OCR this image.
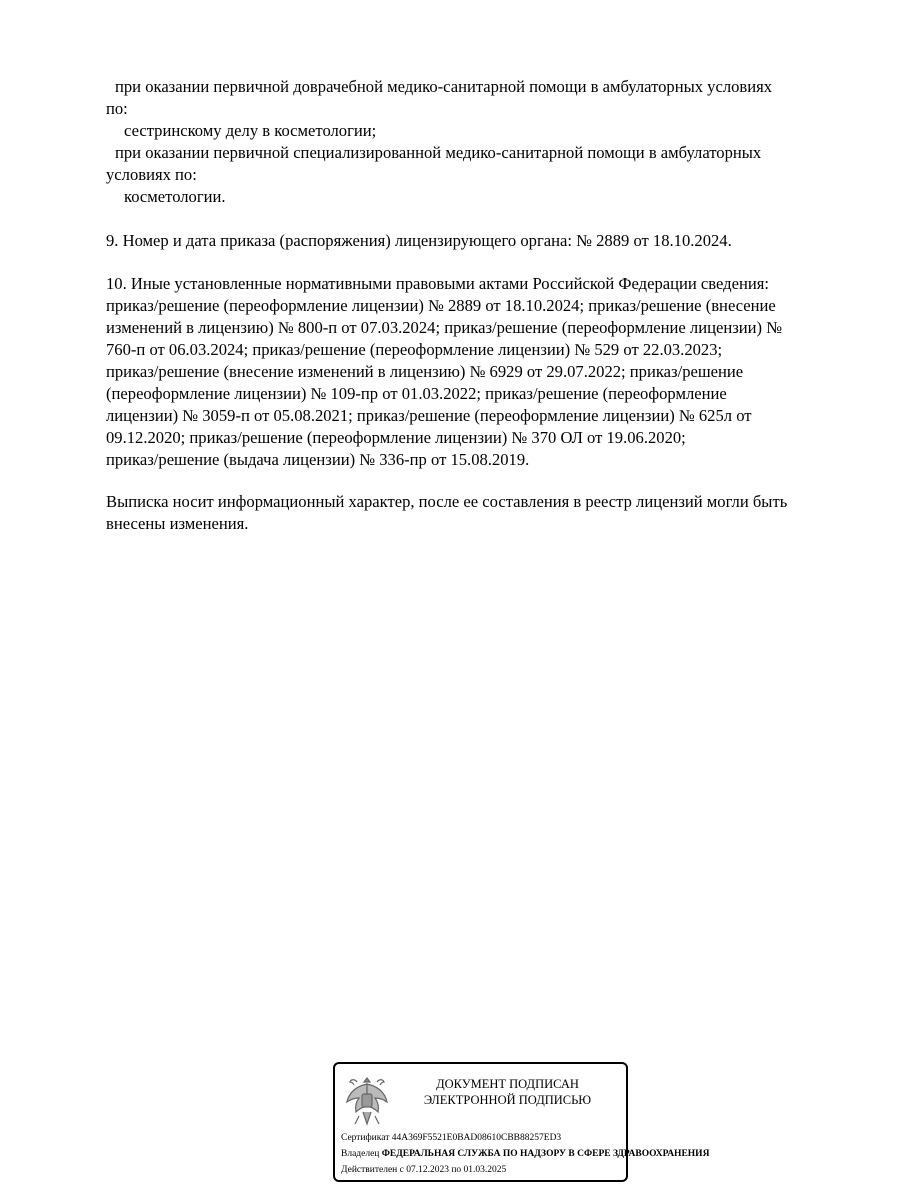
при оказании первичной доврачебной медико-санитарной помощи в амбулаторных условиях
по:
сестринскому делу в косметологии;
при оказании первичной специализированной медико-санитарной помощи в амбулаторных
условиях по:
косметологии.
9. Номер и дата приказа (распоряжения) лицензирующего органа: № 2889 от 18.10.2024.
10. Иные установленные нормативными правовыми актами Российской Федерации сведения:
приказ/решение (переоформление лицензии) № 2889 от 18.10.2024; приказ/решение (внесение
изменений в лицензию) № 800-п от 07.03.2024; приказ/решение (переоформление лицензии) №
760-п от 06.03.2024; приказ/решение (переоформление лицензии) № 529 от 22.03.2023;
приказ/решение (внесение изменений в лицензию) № 6929 от 29.07.2022; приказ/решение
(переоформление лицензии) № 109-пр от 01.03.2022; приказ/решение (переоформление
лицензии) № 3059-п от 05.08.2021; приказ/решение (переоформление лицензии) № 625л от
09.12.2020; приказ/решение (переоформление лицензии) № 370 ОЛ от 19.06.2020;
приказ/решение (выдача лицензии) № 336-пр от 15.08.2019.
Выписка носит информационный характер, после ее составления в реестр лицензий могли быть
внесены изменения.
ДОКУМЕНТ ПОДПИСАН
ЭЛЕКТРОННОЙ ПОДПИСЬЮ
Сертификат 44A369F5521E0BAD08610CBB88257ED3
Владелец ФЕДЕРАЛЬНАЯ СЛУЖБА ПО НАДЗОРУ В СФЕРЕ ЗДРАВООХРАНЕНИЯ
Действителен с 07.12.2023 по 01.03.2025
